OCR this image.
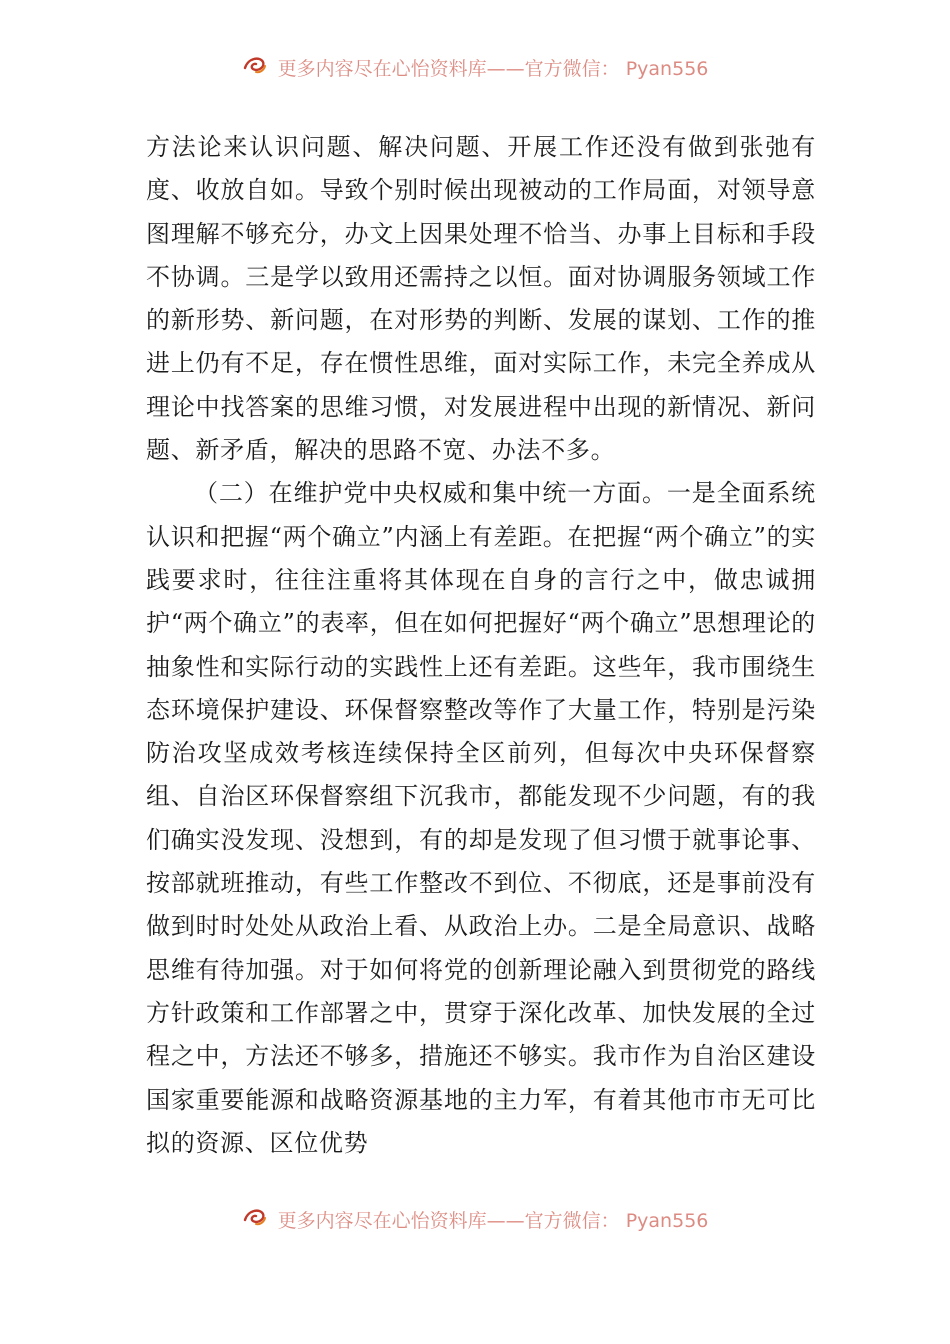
更多内容尽在心怡资料库——官方微信： Pyan556

方法论来认识问题、解决问题、开展工作还没有做到张弛有度、收放自如。导致个别时候出现被动的工作局面，对领导意图理解不够充分，办文上因果处理不恰当、办事上目标和手段不协调。三是学以致用还需持之以恒。面对协调服务领域工作的新形势、新问题，在对形势的判断、发展的谋划、工作的推进上仍有不足，存在惯性思维，面对实际工作，未完全养成从理论中找答案的思维习惯，对发展进程中出现的新情况、新问题、新矛盾，解决的思路不宽、办法不多。

（二）在维护党中央权威和集中统一方面。一是全面系统认识和把握“两个确立”内涵上有差距。在把握“两个确立”的实践要求时，往往注重将其体现在自身的言行之中，做忠诚拥护“两个确立”的表率，但在如何把握好“两个确立”思想理论的抽象性和实际行动的实践性上还有差距。这些年，我市围绕生态环境保护建设、环保督察整改等作了大量工作，特别是污染防治攻坚成效考核连续保持全区前列，但每次中央环保督察组、自治区环保督察组下沉我市，都能发现不少问题，有的我们确实没发现、没想到，有的却是发现了但习惯于就事论事、按部就班推动，有些工作整改不到位、不彻底，还是事前没有做到时时处处从政治上看、从政治上办。二是全局意识、战略思维有待加强。对于如何将党的创新理论融入到贯彻党的路线方针政策和工作部署之中，贯穿于深化改革、加快发展的全过程之中，方法还不够多，措施还不够实。我市作为自治区建设国家重要能源和战略资源基地的主力军，有着其他市市无可比拟的资源、区位优势

更多内容尽在心怡资料库——官方微信： Pyan556
